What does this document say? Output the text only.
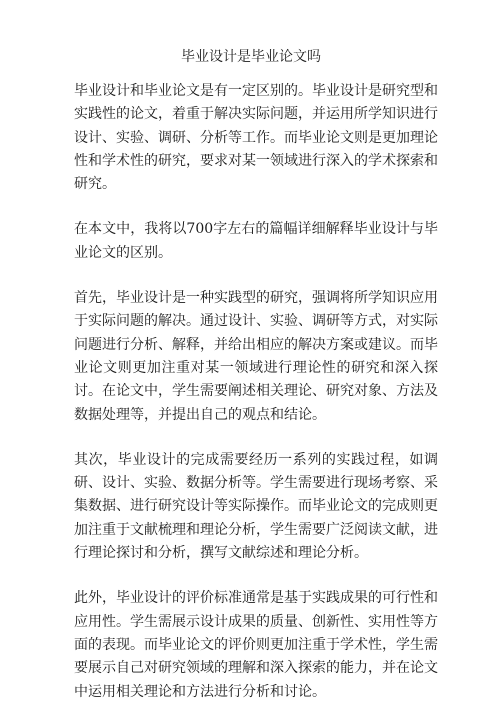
毕业设计是毕业论文吗

毕业设计和毕业论文是有一定区别的。毕业设计是研究型和实践性的论文，着重于解决实际问题，并运用所学知识进行设计、实验、调研、分析等工作。而毕业论文则是更加理论性和学术性的研究，要求对某一领域进行深入的学术探索和研究。

在本文中，我将以700字左右的篇幅详细解释毕业设计与毕业论文的区别。

首先，毕业设计是一种实践型的研究，强调将所学知识应用于实际问题的解决。通过设计、实验、调研等方式，对实际问题进行分析、解释，并给出相应的解决方案或建议。而毕业论文则更加注重对某一领域进行理论性的研究和深入探讨。在论文中，学生需要阐述相关理论、研究对象、方法及数据处理等，并提出自己的观点和结论。

其次，毕业设计的完成需要经历一系列的实践过程，如调研、设计、实验、数据分析等。学生需要进行现场考察、采集数据、进行研究设计等实际操作。而毕业论文的完成则更加注重于文献梳理和理论分析，学生需要广泛阅读文献，进行理论探讨和分析，撰写文献综述和理论分析。

此外，毕业设计的评价标准通常是基于实践成果的可行性和应用性。学生需展示设计成果的质量、创新性、实用性等方面的表现。而毕业论文的评价则更加注重于学术性，学生需要展示自己对研究领域的理解和深入探索的能力，并在论文中运用相关理论和方法进行分析和讨论。
